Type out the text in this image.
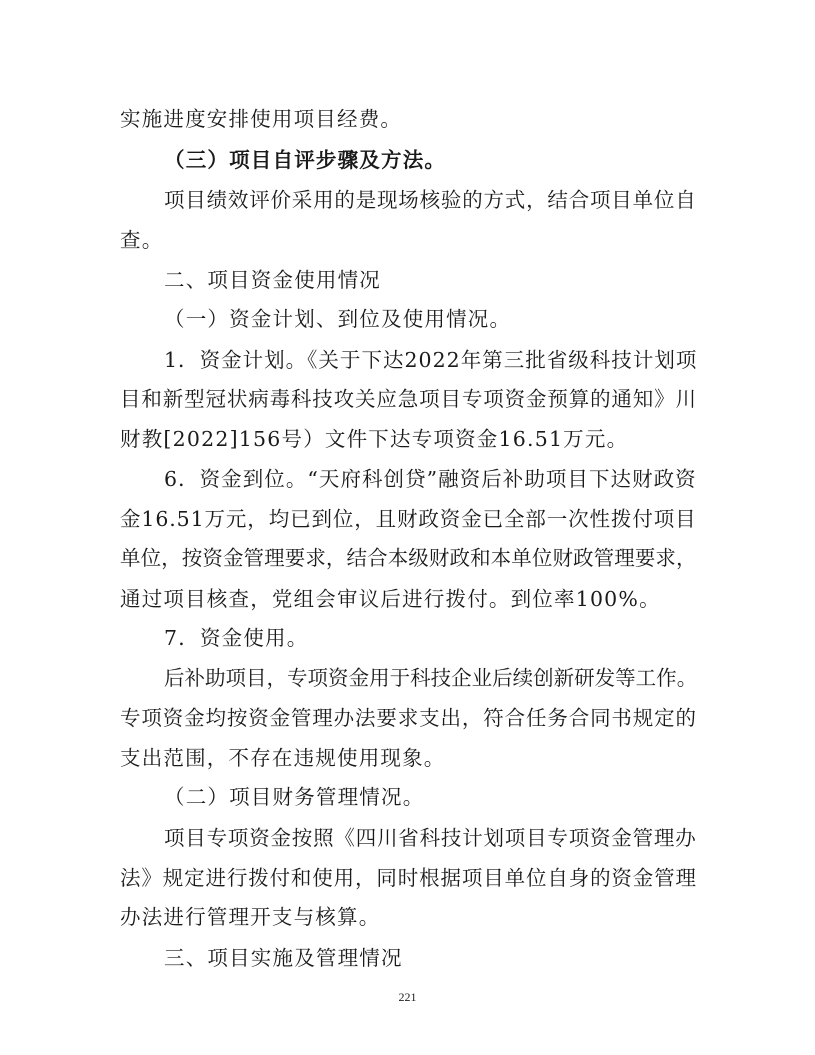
实施进度安排使用项目经费。
（三）项目自评步骤及方法。
项目绩效评价采用的是现场核验的方式，结合项目单位自
查。
二、项目资金使用情况
（一）资金计划、到位及使用情况。
1．资金计划。《关于下达2022年第三批省级科技计划项
目和新型冠状病毒科技攻关应急项目专项资金预算的通知》川
财教[2022]156号）文件下达专项资金16.51万元。
6．资金到位。“天府科创贷”融资后补助项目下达财政资
金16.51万元，均已到位，且财政资金已全部一次性拨付项目
单位，按资金管理要求，结合本级财政和本单位财政管理要求，
通过项目核查，党组会审议后进行拨付。到位率100%。
7．资金使用。
后补助项目，专项资金用于科技企业后续创新研发等工作。
专项资金均按资金管理办法要求支出，符合任务合同书规定的
支出范围，不存在违规使用现象。
（二）项目财务管理情况。
项目专项资金按照《四川省科技计划项目专项资金管理办
法》规定进行拨付和使用，同时根据项目单位自身的资金管理
办法进行管理开支与核算。
三、项目实施及管理情况
221
